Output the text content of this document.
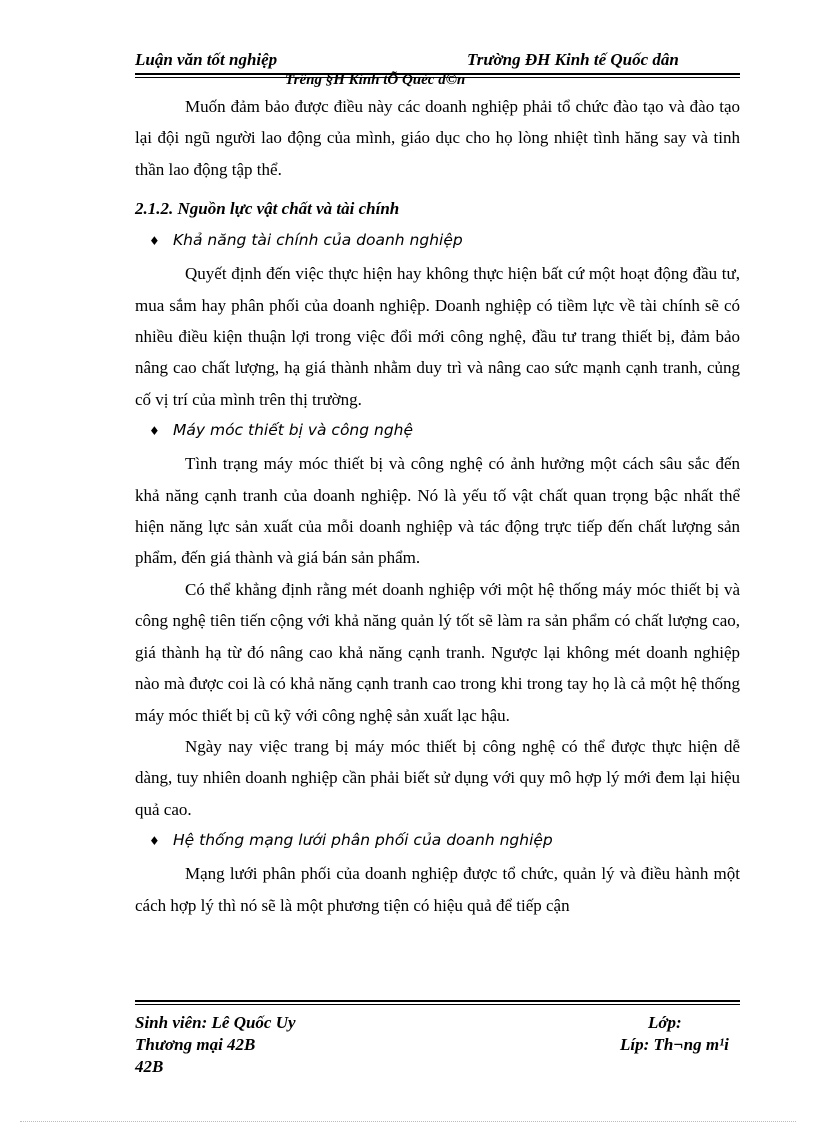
Luận văn tốt nghiệp	Trường ĐH Kinh tế Quốc dân
Trêng §H Kinh tÕ Quèc d©n

Muốn đảm bảo được điều này các doanh nghiệp phải tổ chức đào tạo và đào tạo lại đội ngũ người lao động của mình, giáo dục cho họ lòng nhiệt tình hăng say và tinh thần lao động tập thể.

2.1.2. Nguồn lực vật chất và tài chính
♦ Khả năng tài chính của doanh nghiệp

Quyết định đến việc thực hiện hay không thực hiện bất cứ một hoạt động đầu tư, mua sắm hay phân phối của doanh nghiệp. Doanh nghiệp có tiềm lực về tài chính sẽ có nhiều điều kiện thuận lợi trong việc đổi mới công nghệ, đầu tư trang thiết bị, đảm bảo nâng cao chất lượng, hạ giá thành nhằm duy trì và nâng cao sức mạnh cạnh tranh, củng cố vị trí của mình trên thị trường.

♦ Máy móc thiết bị và công nghệ

Tình trạng máy móc thiết bị và công nghệ có ảnh hưởng một cách sâu sắc đến khả năng cạnh tranh của doanh nghiệp. Nó là yếu tố vật chất quan trọng bậc nhất thể hiện năng lực sản xuất của mỗi doanh nghiệp và tác động trực tiếp đến chất lượng sản phẩm, đến giá thành và giá bán sản phẩm.

Có thể khẳng định rằng mét doanh nghiệp với một hệ thống máy móc thiết bị và công nghệ tiên tiến cộng với khả năng quản lý tốt sẽ làm ra sản phẩm có chất lượng cao, giá thành hạ từ đó nâng cao khả năng cạnh tranh. Ngược lại không mét doanh nghiệp nào mà được coi là có khả năng cạnh tranh cao trong khi trong tay họ là cả một hệ thống máy móc thiết bị cũ kỹ với công nghệ sản xuất lạc hậu.

Ngày nay việc trang bị máy móc thiết bị công nghệ có thể được thực hiện dễ dàng, tuy nhiên doanh nghiệp cần phải biết sử dụng với quy mô hợp lý mới đem lại hiệu quả cao.

♦ Hệ thống mạng lưới phân phối của doanh nghiệp

Mạng lưới phân phối của doanh nghiệp được tổ chức, quản lý và điều hành một cách hợp lý thì nó sẽ là một phương tiện có hiệu quả để tiếp cận

Sinh viên: Lê Quốc Uy	Lớp:
Thương mại 42B	Líp: Th¬ng m¹i
42B
